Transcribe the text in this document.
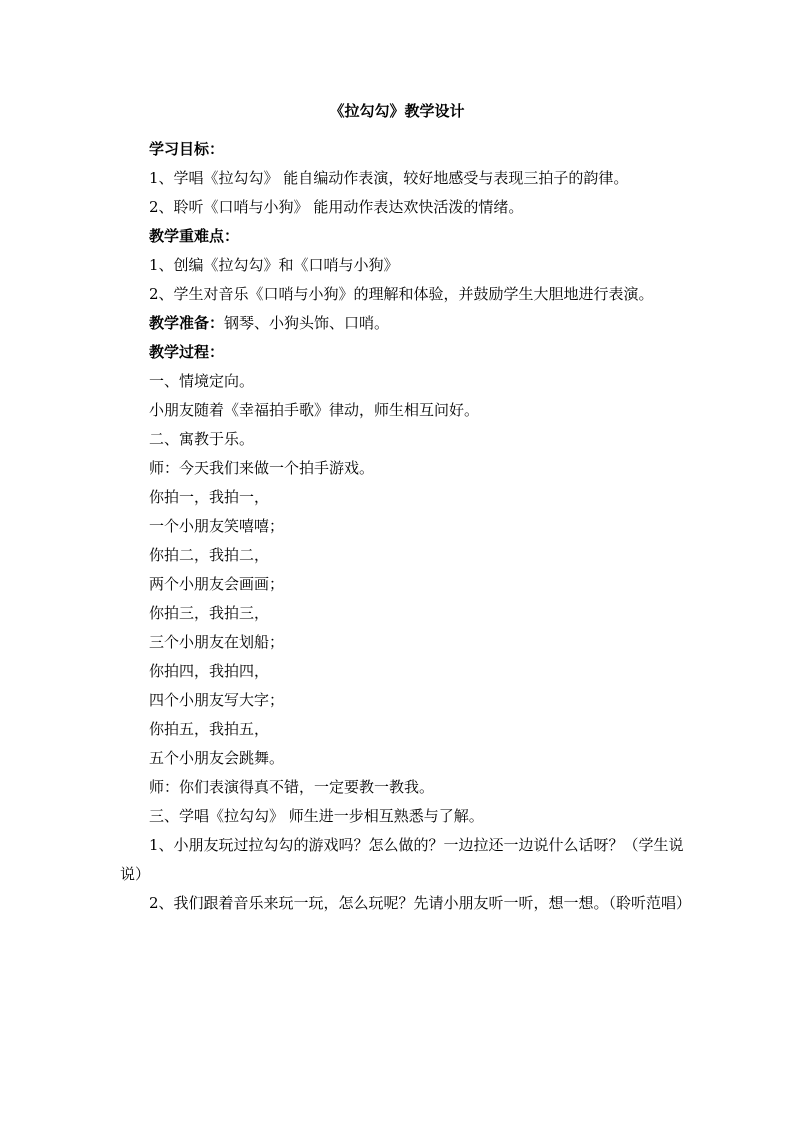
《拉勾勾》教学设计

学习目标：

1、学唱《拉勾勾》 能自编动作表演，较好地感受与表现三拍子的韵律。

2、聆听《口哨与小狗》 能用动作表达欢快活泼的情绪。

教学重难点：

1、创编《拉勾勾》和《口哨与小狗》

2、学生对音乐《口哨与小狗》的理解和体验，并鼓励学生大胆地进行表演。

教学准备：钢琴、小狗头饰、口哨。

教学过程：

一、情境定向。

小朋友随着《幸福拍手歌》律动，师生相互问好。

二、寓教于乐。

师：今天我们来做一个拍手游戏。

你拍一，我拍一，

一个小朋友笑嘻嘻；

你拍二，我拍二，

两个小朋友会画画；

你拍三，我拍三，

三个小朋友在划船；

你拍四，我拍四，

四个小朋友写大字；

你拍五，我拍五，

五个小朋友会跳舞。

师：你们表演得真不错，一定要教一教我。

三、学唱《拉勾勾》 师生进一步相互熟悉与了解。

1、小朋友玩过拉勾勾的游戏吗？怎么做的？一边拉还一边说什么话呀？（学生说说）

2、我们跟着音乐来玩一玩，怎么玩呢？先请小朋友听一听，想一想。（聆听范唱）
